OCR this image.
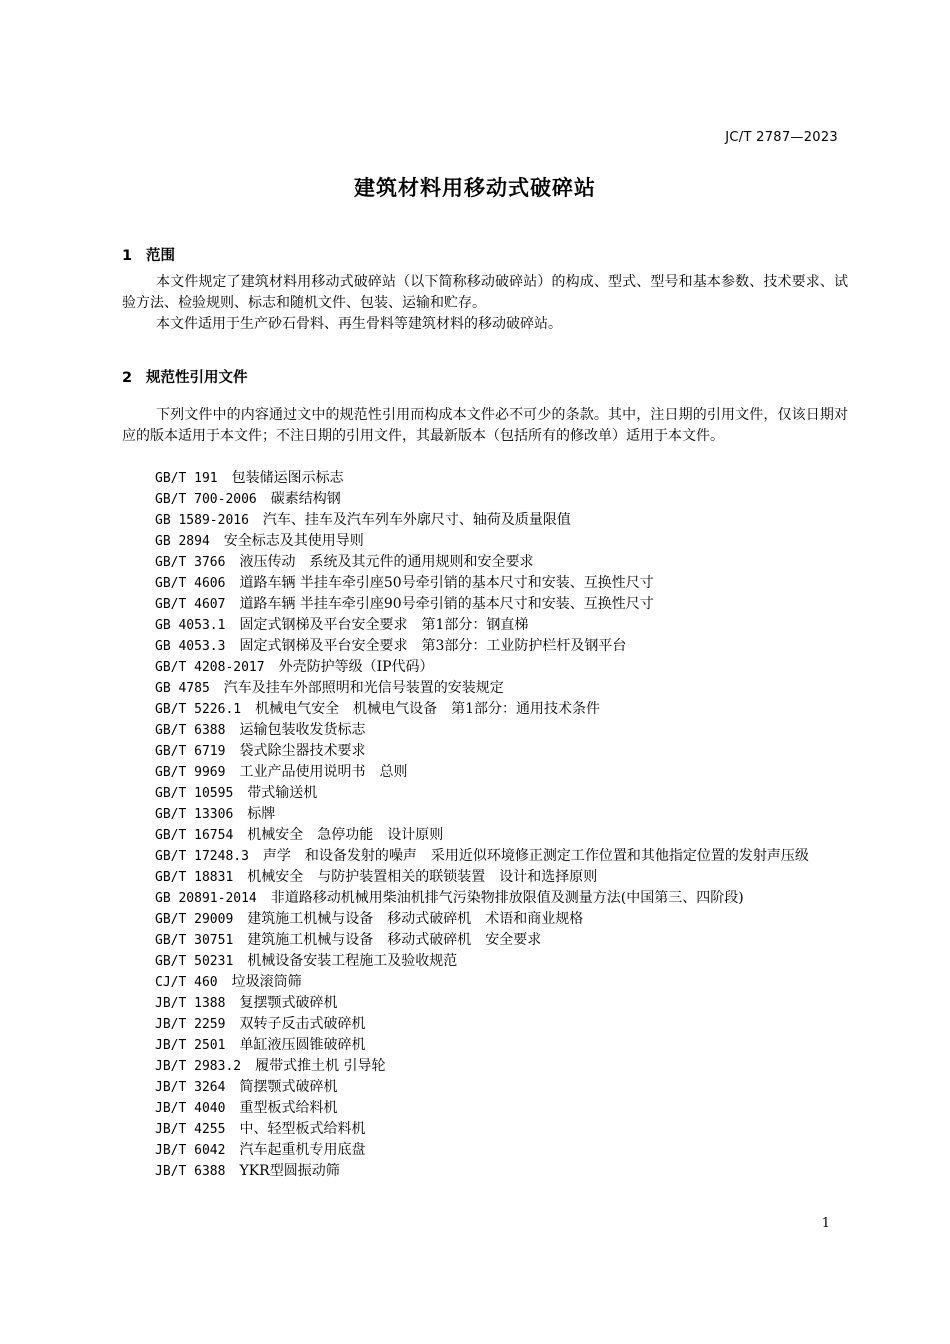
JC/T 2787—2023
建筑材料用移动式破碎站
1 范围

本文件规定了建筑材料用移动式破碎站（以下简称移动破碎站）的构成、型式、型号和基本参数、技术要求、试验方法、检验规则、标志和随机文件、包装、运输和贮存。

本文件适用于生产砂石骨料、再生骨料等建筑材料的移动破碎站。

2 规范性引用文件

下列文件中的内容通过文中的规范性引用而构成本文件必不可少的条款。其中，注日期的引用文件，仅该日期对应的版本适用于本文件；不注日期的引用文件，其最新版本（包括所有的修改单）适用于本文件。

GB/T 191 包装储运图示标志
GB/T 700-2006 碳素结构钢
GB 1589-2016 汽车、挂车及汽车列车外廓尺寸、轴荷及质量限值
GB 2894 安全标志及其使用导则
GB/T 3766 液压传动　系统及其元件的通用规则和安全要求
GB/T 4606 道路车辆 半挂车牵引座50号牵引销的基本尺寸和安装、互换性尺寸
GB/T 4607 道路车辆 半挂车牵引座90号牵引销的基本尺寸和安装、互换性尺寸
GB 4053.1 固定式钢梯及平台安全要求　第1部分：钢直梯
GB 4053.3 固定式钢梯及平台安全要求　第3部分：工业防护栏杆及钢平台
GB/T 4208-2017 外壳防护等级（IP代码）
GB 4785 汽车及挂车外部照明和光信号装置的安装规定
GB/T 5226.1 机械电气安全　机械电气设备　第1部分：通用技术条件
GB/T 6388 运输包装收发货标志
GB/T 6719 袋式除尘器技术要求
GB/T 9969 工业产品使用说明书　总则
GB/T 10595 带式输送机
GB/T 13306 标牌
GB/T 16754 机械安全　急停功能　设计原则
GB/T 17248.3 声学　和设备发射的噪声　采用近似环境修正测定工作位置和其他指定位置的发射声压级
GB/T 18831 机械安全　与防护装置相关的联锁装置　设计和选择原则
GB 20891-2014 非道路移动机械用柴油机排气污染物排放限值及测量方法(中国第三、四阶段)
GB/T 29009 建筑施工机械与设备　移动式破碎机　术语和商业规格
GB/T 30751 建筑施工机械与设备　移动式破碎机　安全要求
GB/T 50231 机械设备安装工程施工及验收规范
CJ/T 460 垃圾滚筒筛
JB/T 1388 复摆颚式破碎机
JB/T 2259 双转子反击式破碎机
JB/T 2501 单缸液压圆锥破碎机
JB/T 2983.2 履带式推土机 引导轮
JB/T 3264 简摆颚式破碎机
JB/T 4040 重型板式给料机
JB/T 4255 中、轻型板式给料机
JB/T 6042 汽车起重机专用底盘
JB/T 6388 YKR型圆振动筛
1
